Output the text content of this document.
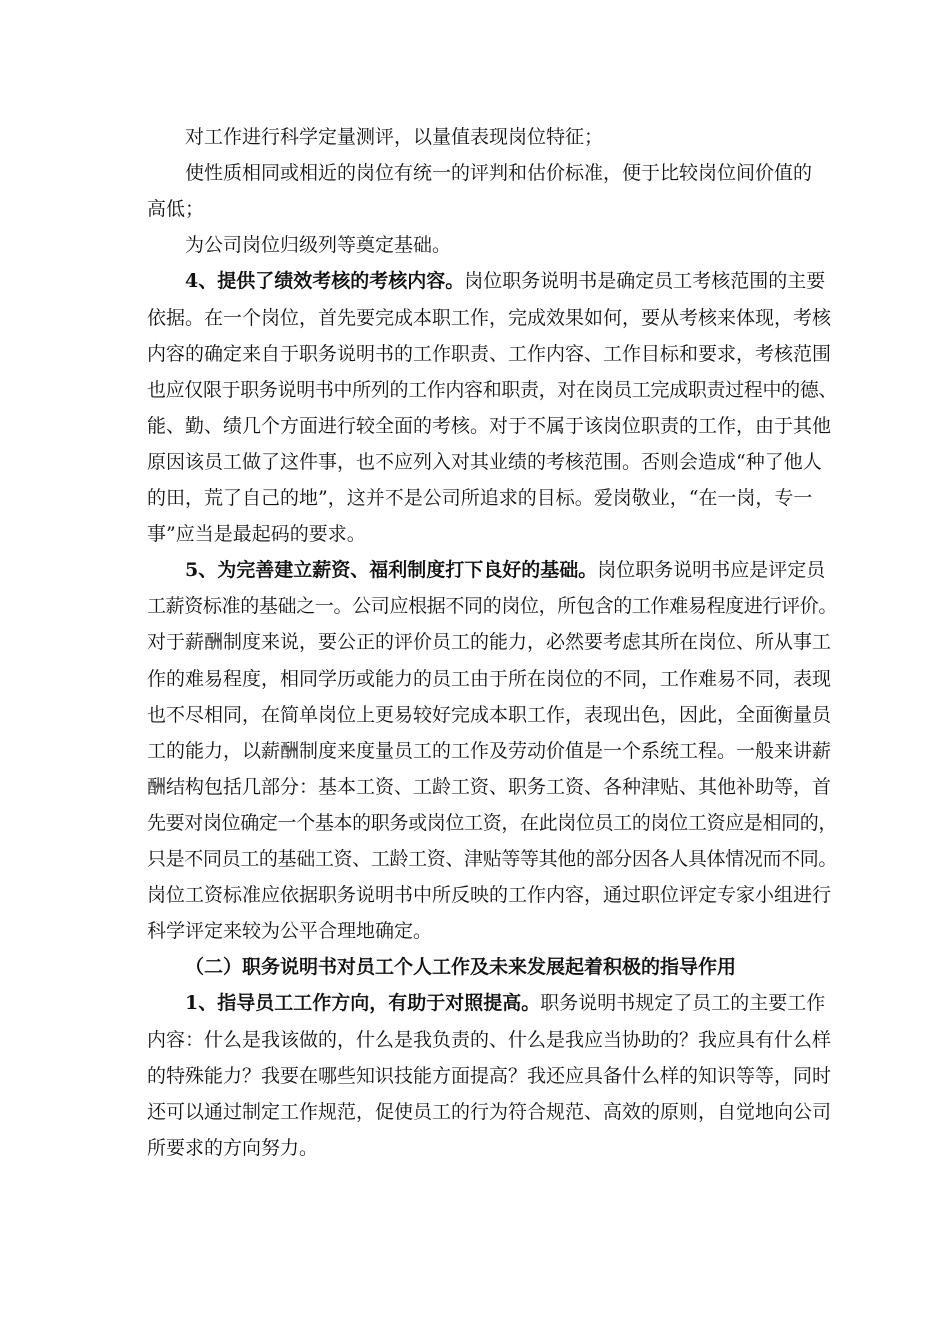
对工作进行科学定量测评，以量值表现岗位特征；
使性质相同或相近的岗位有统一的评判和估价标准，便于比较岗位间价值的
高低；
为公司岗位归级列等奠定基础。
4、提供了绩效考核的考核内容。岗位职务说明书是确定员工考核范围的主要
依据。在一个岗位，首先要完成本职工作，完成效果如何，要从考核来体现，考核
内容的确定来自于职务说明书的工作职责、工作内容、工作目标和要求，考核范围
也应仅限于职务说明书中所列的工作内容和职责，对在岗员工完成职责过程中的德、
能、勤、绩几个方面进行较全面的考核。对于不属于该岗位职责的工作，由于其他
原因该员工做了这件事，也不应列入对其业绩的考核范围。否则会造成“种了他人
的田，荒了自己的地”，这并不是公司所追求的目标。爱岗敬业，“在一岗，专一
事”应当是最起码的要求。
5、为完善建立薪资、福利制度打下良好的基础。岗位职务说明书应是评定员
工薪资标准的基础之一。公司应根据不同的岗位，所包含的工作难易程度进行评价。
对于薪酬制度来说，要公正的评价员工的能力，必然要考虑其所在岗位、所从事工
作的难易程度，相同学历或能力的员工由于所在岗位的不同，工作难易不同，表现
也不尽相同，在简单岗位上更易较好完成本职工作，表现出色，因此，全面衡量员
工的能力，以薪酬制度来度量员工的工作及劳动价值是一个系统工程。一般来讲薪
酬结构包括几部分：基本工资、工龄工资、职务工资、各种津贴、其他补助等，首
先要对岗位确定一个基本的职务或岗位工资，在此岗位员工的岗位工资应是相同的，
只是不同员工的基础工资、工龄工资、津贴等等其他的部分因各人具体情况而不同。
岗位工资标准应依据职务说明书中所反映的工作内容，通过职位评定专家小组进行
科学评定来较为公平合理地确定。
（二）职务说明书对员工个人工作及未来发展起着积极的指导作用
1、指导员工工作方向，有助于对照提高。职务说明书规定了员工的主要工作
内容：什么是我该做的，什么是我负责的、什么是我应当协助的？我应具有什么样
的特殊能力？我要在哪些知识技能方面提高？我还应具备什么样的知识等等，同时
还可以通过制定工作规范，促使员工的行为符合规范、高效的原则，自觉地向公司
所要求的方向努力。
